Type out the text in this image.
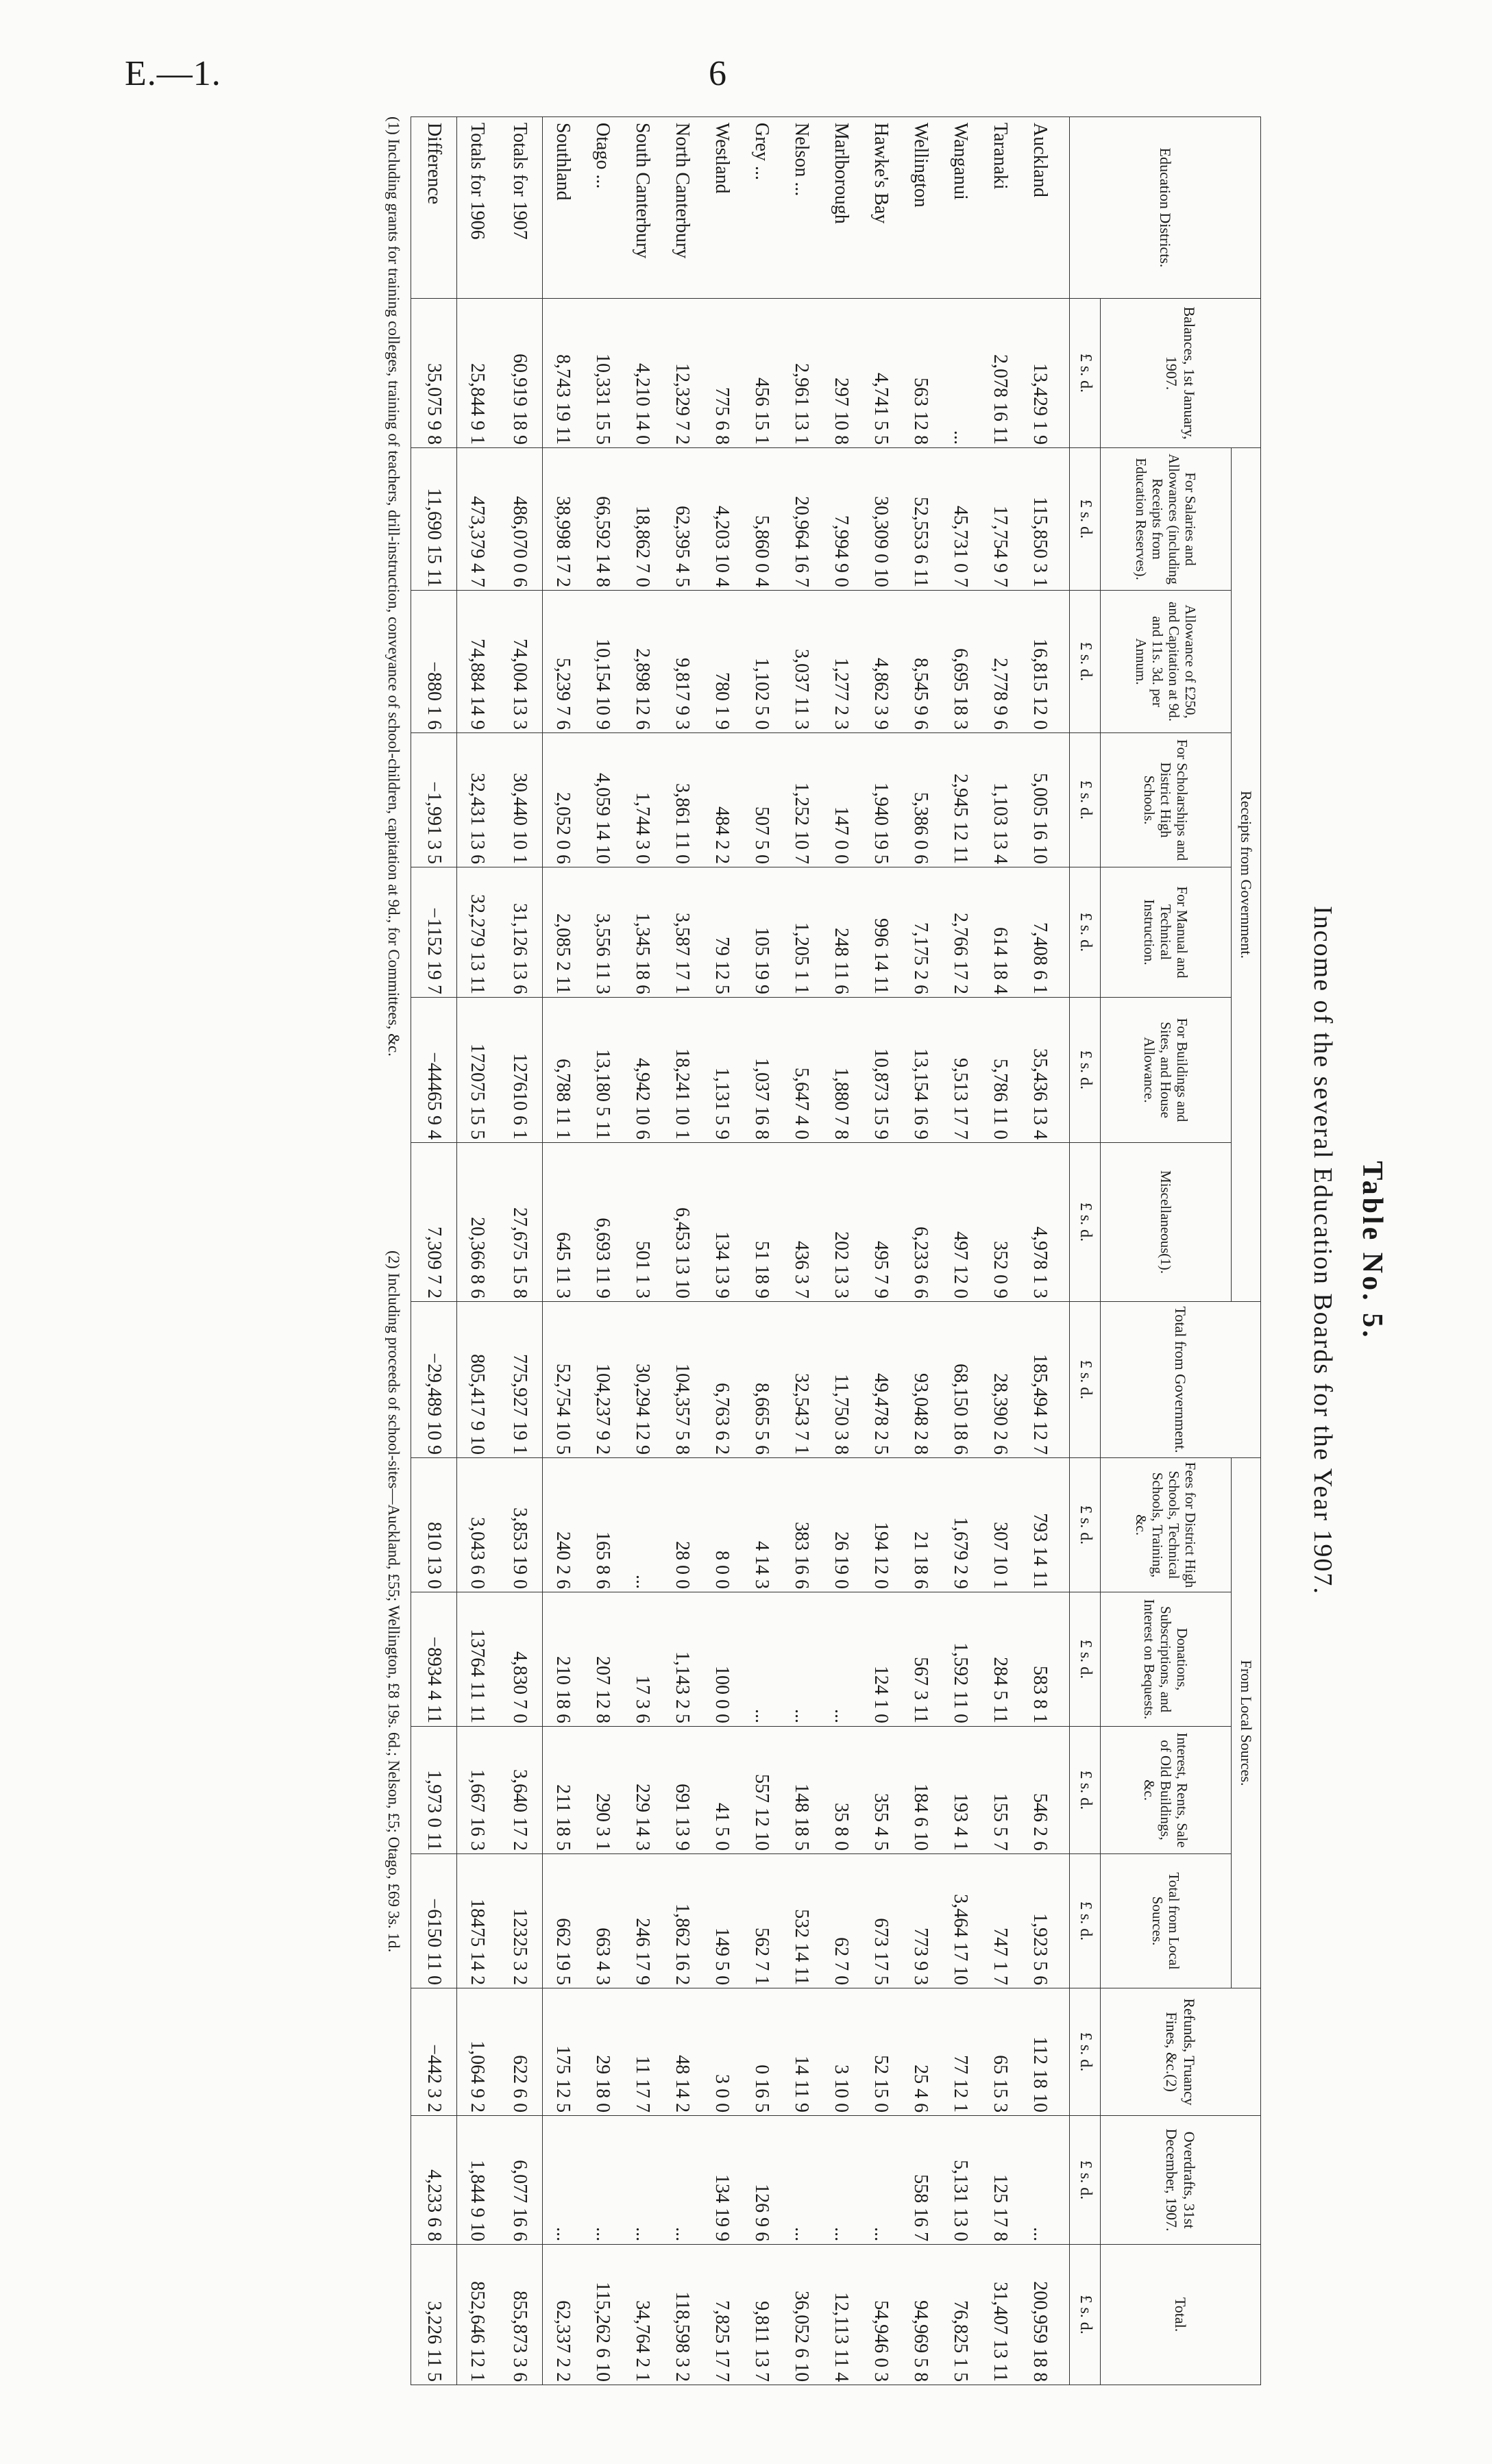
E.—1.	6
Table No. 5.
Income of the several Education Boards for the Year 1907.
Education Districts.	Balances, 1st January, 1907.	Receipts from Government.						Total from Government.	From Local Sources.				Refunds, Truancy Fines, &c.(2)	Overdrafts, 31st December, 1907.	Total.
		For Salaries and Allowances (including Receipts from Education Reserves).	Allowance of £250, and Capitation at 9d. and 11s. 3d. per Annum.	For Scholarships and District High Schools.	For Manual and Technical Instruction.	For Buildings and Sites, and House Allowance.	Miscellaneous(1).		Fees for District High Schools, Technical Schools, Training, &c.	Donations, Subscriptions, and Interest on Bequests.	Interest, Rents, Sale of Old Buildings, &c.	Total from Local Sources.			
	£ s. d.	£ s. d.	£ s. d.	£ s. d.	£ s. d.	£ s. d.	£ s. d.	£ s. d.	£ s. d.	£ s. d.	£ s. d.	£ s. d.	£ s. d.	£ s. d.	£ s. d.
Auckland	13,429 1 9	115,850 3 1	16,815 12 0	5,005 16 10	7,408 6 1	35,436 13 4	4,978 1 3	185,494 12 7	793 14 11	583 8 1	546 2 6	1,923 5 6	112 18 10	...	200,959 18 8
Taranaki	2,078 16 11	17,754 9 7	2,778 9 6	1,103 13 4	614 18 4	5,786 11 0	352 0 9	28,390 2 6	307 10 1	284 5 11	155 5 7	747 1 7	65 15 3	125 17 8	31,407 13 11
Wanganui	...	45,731 0 7	6,695 18 3	2,945 12 11	2,766 17 2	9,513 17 7	497 12 0	68,150 18 6	1,679 2 9	1,592 11 0	193 4 1	3,464 17 10	77 12 1	5,131 13 0	76,825 1 5
Wellington	563 12 8	52,553 6 11	8,545 9 6	5,386 0 6	7,175 2 6	13,154 16 9	6,233 6 6	93,048 2 8	21 18 6	567 3 11	184 6 10	773 9 3	25 4 6	558 16 7	94,969 5 8
Hawke's Bay	4,741 5 5	30,309 0 10	4,862 3 9	1,940 19 5	996 14 11	10,873 15 9	495 7 9	49,478 2 5	194 12 0	124 1 0	355 4 5	673 17 5	52 15 0	...	54,946 0 3
Marlborough	297 10 8	7,994 9 0	1,277 2 3	147 0 0	248 11 6	1,880 7 8	202 13 3	11,750 3 8	26 19 0	...	35 8 0	62 7 0	3 10 0	...	12,113 11 4
Nelson ...	2,961 13 1	20,964 16 7	3,037 11 3	1,252 10 7	1,205 1 1	5,647 4 0	436 3 7	32,543 7 1	383 16 6	...	148 18 5	532 14 11	14 11 9	...	36,052 6 10
Grey ...	456 15 1	5,860 0 4	1,102 5 0	507 5 0	105 19 9	1,037 16 8	51 18 9	8,665 5 6	4 14 3	...	557 12 10	562 7 1	0 16 5	126 9 6	9,811 13 7
Westland	775 6 8	4,203 10 4	780 1 9	484 2 2	79 12 5	1,131 5 9	134 13 9	6,763 6 2	8 0 0	100 0 0	41 5 0	149 5 0	3 0 0	134 19 9	7,825 17 7
North Canterbury	12,329 7 2	62,395 4 5	9,817 9 3	3,861 11 0	3,587 17 1	18,241 10 1	6,453 13 10	104,357 5 8	28 0 0	1,143 2 5	691 13 9	1,862 16 2	48 14 2	...	118,598 3 2
South Canterbury	4,210 14 0	18,862 7 0	2,898 12 6	1,744 3 0	1,345 18 6	4,942 10 6	501 1 3	30,294 12 9	...	17 3 6	229 14 3	246 17 9	11 17 7	...	34,764 2 1
Otago ...	10,331 15 5	66,592 14 8	10,154 10 9	4,059 14 10	3,556 11 3	13,180 5 11	6,693 11 9	104,237 9 2	165 8 6	207 12 8	290 3 1	663 4 3	29 18 0	...	115,262 6 10
Southland	8,743 19 11	38,998 17 2	5,239 7 6	2,052 0 6	2,085 2 11	6,788 11 1	645 11 3	52,754 10 5	240 2 6	210 18 6	211 18 5	662 19 5	175 12 5	...	62,337 2 2
Totals for 1907	60,919 18 9	486,070 0 6	74,004 13 3	30,440 10 1	31,126 13 6	127610 6 1	27,675 15 8	775,927 19 1	3,853 19 0	4,830 7 0	3,640 17 2	12325 3 2	622 6 0	6,077 16 6	855,873 3 6
Totals for 1906	25,844 9 1	473,379 4 7	74,884 14 9	32,431 13 6	32,279 13 11	172075 15 5	20,366 8 6	805,417 9 10	3,043 6 0	13764 11 11	1,667 16 3	18475 14 2	1,064 9 2	1,844 9 10	852,646 12 1
Difference	35,075 9 8	11,690 15 11	−880 1 6	−1,991 3 5	−1152 19 7	−44465 9 4	7,309 7 2	−29,489 10 9	810 13 0	−8934 4 11	1,973 0 11	−6150 11 0	−442 3 2	4,233 6 8	3,226 11 5
(1) Including grants for training colleges, training of teachers, drill-instruction, conveyance of school-children, capitation at 9d., for Committees, &c.
(2) Including proceeds of school-sites—Auckland, £55; Wellington, £8 19s. 6d.; Nelson, £5; Otago, £69 3s. 1d.
